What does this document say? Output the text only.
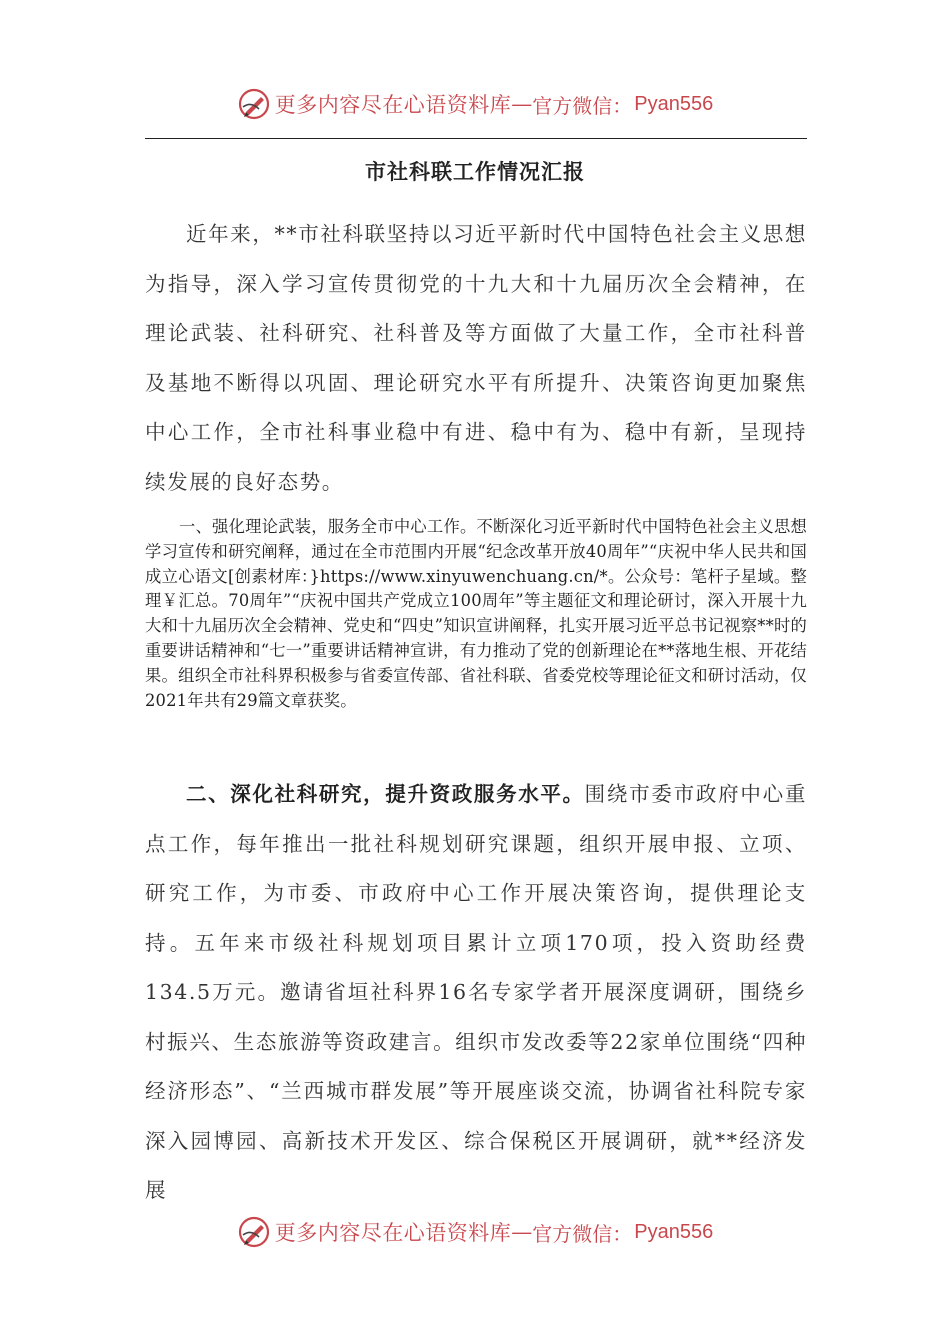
更多内容尽在心语资料库 — 官方微信： Pyan556
市社科联工作情况汇报
近年来，**市社科联坚持以习近平新时代中国特色社会主义思想为指导，深入学习宣传贯彻党的十九大和十九届历次全会精神，在理论武装、社科研究、社科普及等方面做了大量工作，全市社科普及基地不断得以巩固、理论研究水平有所提升、决策咨询更加聚焦中心工作，全市社科事业稳中有进、稳中有为、稳中有新，呈现持续发展的良好态势。
一、强化理论武装，服务全市中心工作。不断深化习近平新时代中国特色社会主义思想学习宣传和研究阐释，通过在全市范围内开展“纪念改革开放40周年”“庆祝中华人民共和国成立心语文[创素材库：}https://www.xinyuwenchuang.cn/*。公众号：笔杆子星域。整理￥汇总。70周年”“庆祝中国共产党成立100周年”等主题征文和理论研讨，深入开展十九大和十九届历次全会精神、党史和“四史”知识宣讲阐释，扎实开展习近平总书记视察**时的重要讲话精神和“七一”重要讲话精神宣讲，有力推动了党的创新理论在**落地生根、开花结果。组织全市社科界积极参与省委宣传部、省社科联、省委党校等理论征文和研讨活动，仅2021年共有29篇文章获奖。
二、深化社科研究，提升资政服务水平。围绕市委市政府中心重点工作，每年推出一批社科规划研究课题，组织开展申报、立项、研究工作，为市委、市政府中心工作开展决策咨询，提供理论支持。五年来市级社科规划项目累计立项170项，投入资助经费134.5万元。邀请省垣社科界16名专家学者开展深度调研，围绕乡村振兴、生态旅游等资政建言。组织市发改委等22家单位围绕“四种经济形态”、“兰西城市群发展”等开展座谈交流，协调省社科院专家深入园博园、高新技术开发区、综合保税区开展调研，就**经济发展
更多内容尽在心语资料库 — 官方微信： Pyan556
